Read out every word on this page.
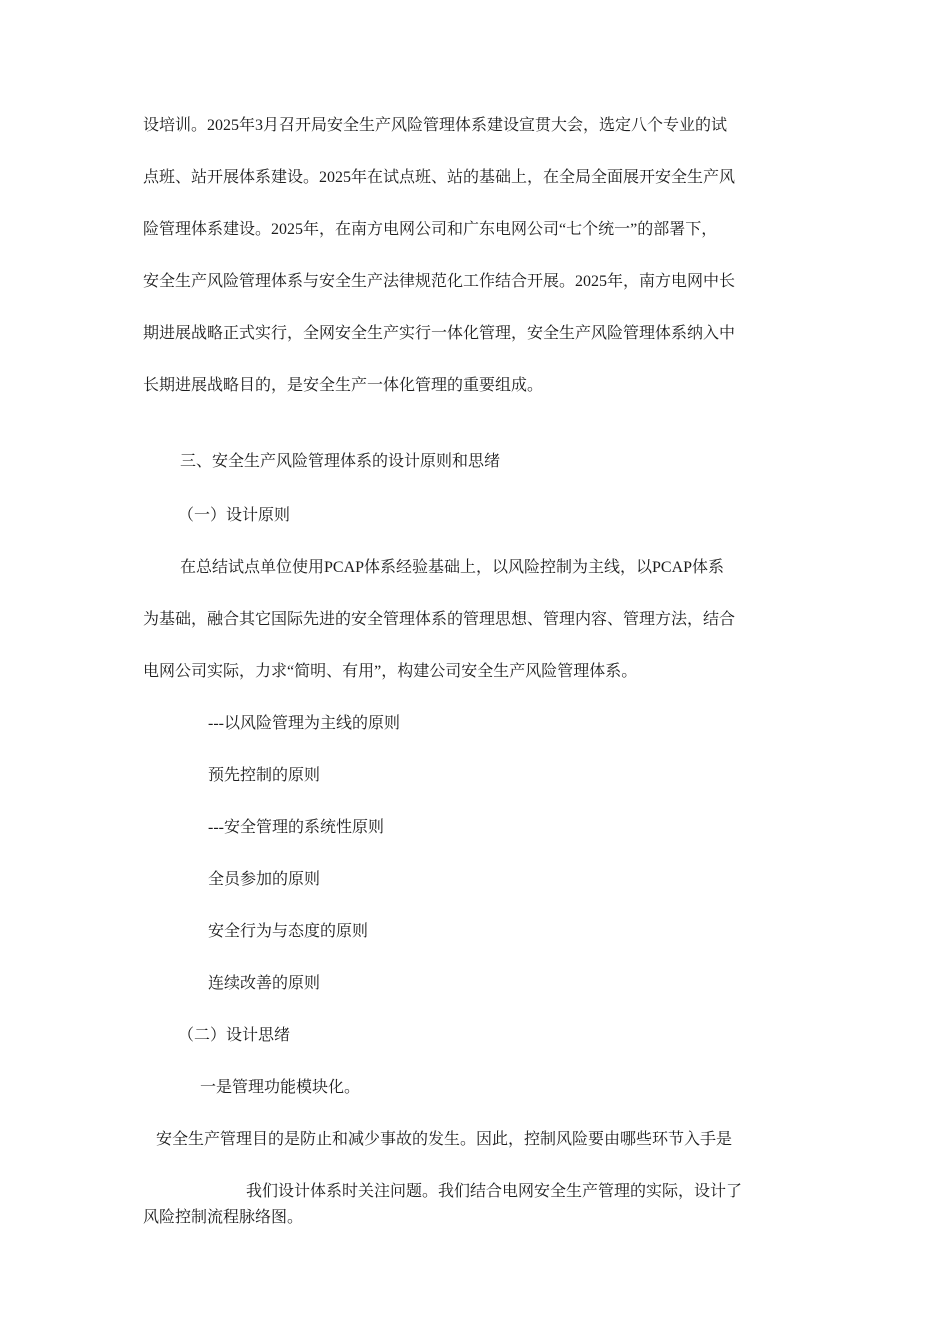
设培训。2025年3月召开局安全生产风险管理体系建设宣贯大会，选定八个专业的试
点班、站开展体系建设。2025年在试点班、站的基础上，在全局全面展开安全生产风
险管理体系建设。2025年，在南方电网公司和广东电网公司“七个统一”的部署下，
安全生产风险管理体系与安全生产法律规范化工作结合开展。2025年，南方电网中长
期进展战略正式实行，全网安全生产实行一体化管理，安全生产风险管理体系纳入中
长期进展战略目的，是安全生产一体化管理的重要组成。
三、安全生产风险管理体系的设计原则和思绪
（一）设计原则
在总结试点单位使用PCAP体系经验基础上，以风险控制为主线，以PCAP体系
为基础，融合其它国际先进的安全管理体系的管理思想、管理内容、管理方法，结合
电网公司实际，力求“简明、有用”，构建公司安全生产风险管理体系。
---以风险管理为主线的原则
预先控制的原则
---安全管理的系统性原则
全员参加的原则
安全行为与态度的原则
连续改善的原则
（二）设计思绪
一是管理功能模块化。
安全生产管理目的是防止和减少事故的发生。因此，控制风险要由哪些环节入手是
我们设计体系时关注问题。我们结合电网安全生产管理的实际，设计了
风险控制流程脉络图。
